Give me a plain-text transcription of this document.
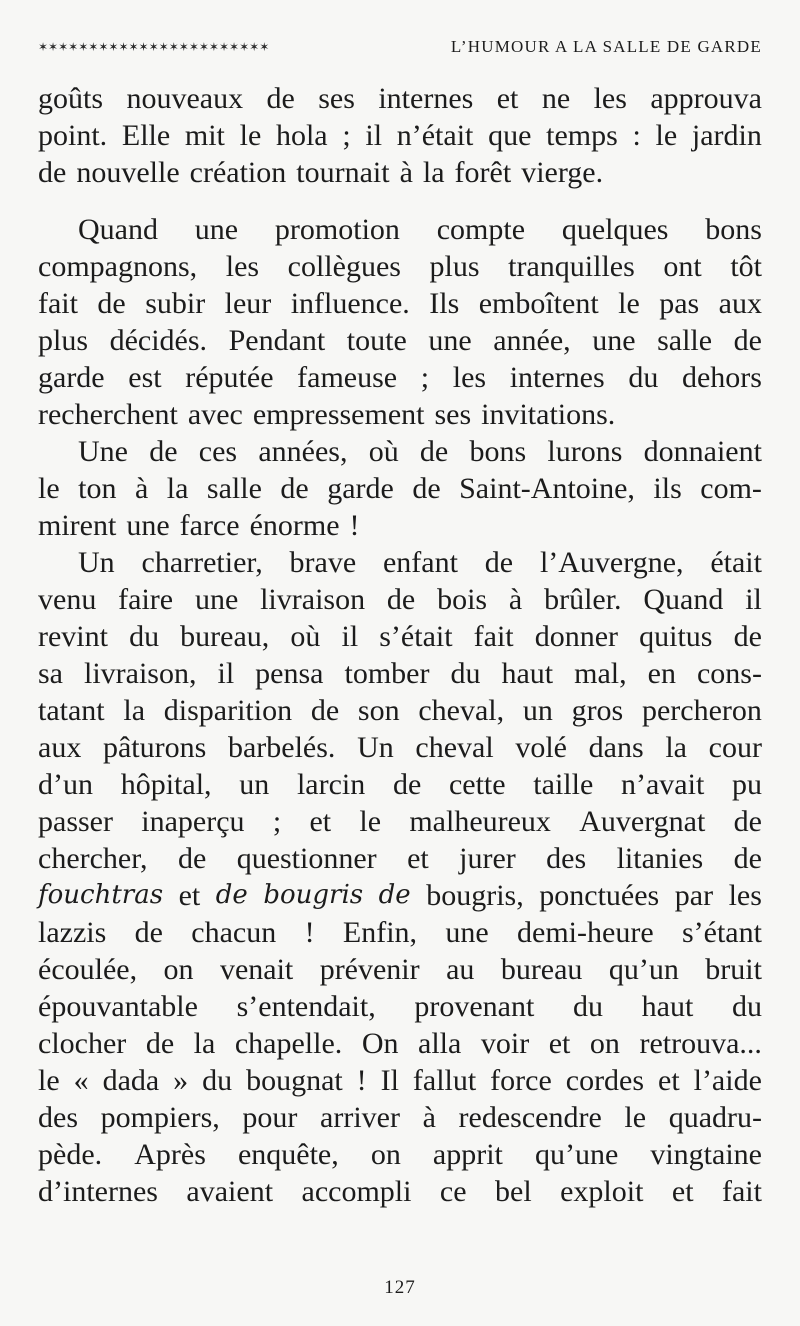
✶✶✶✶✶✶✶✶✶✶✶✶✶✶✶✶✶✶✶✶✶✶✶	L’HUMOUR A LA SALLE DE GARDE
goûts nouveaux de ses internes et ne les approuva
point. Elle mit le hola ; il n’était que temps : le jardin
de nouvelle création tournait à la forêt vierge.
Quand une promotion compte quelques bons
compagnons, les collègues plus tranquilles ont tôt
fait de subir leur influence. Ils emboîtent le pas aux
plus décidés. Pendant toute une année, une salle de
garde est réputée fameuse ; les internes du dehors
recherchent avec empressement ses invitations.
Une de ces années, où de bons lurons donnaient
le ton à la salle de garde de Saint-Antoine, ils com-
mirent une farce énorme !
Un charretier, brave enfant de l’Auvergne, était
venu faire une livraison de bois à brûler. Quand il
revint du bureau, où il s’était fait donner quitus de
sa livraison, il pensa tomber du haut mal, en cons-
tatant la disparition de son cheval, un gros percheron
aux pâturons barbelés. Un cheval volé dans la cour
d’un hôpital, un larcin de cette taille n’avait pu
passer inaperçu ; et le malheureux Auvergnat de
chercher, de questionner et jurer des litanies de
fouchtras et de bougris de bougris, ponctuées par les
lazzis de chacun ! Enfin, une demi-heure s’étant
écoulée, on venait prévenir au bureau qu’un bruit
épouvantable s’entendait, provenant du haut du
clocher de la chapelle. On alla voir et on retrouva...
le « dada » du bougnat ! Il fallut force cordes et l’aide
des pompiers, pour arriver à redescendre le quadru-
pède. Après enquête, on apprit qu’une vingtaine
d’internes avaient accompli ce bel exploit et fait
127
